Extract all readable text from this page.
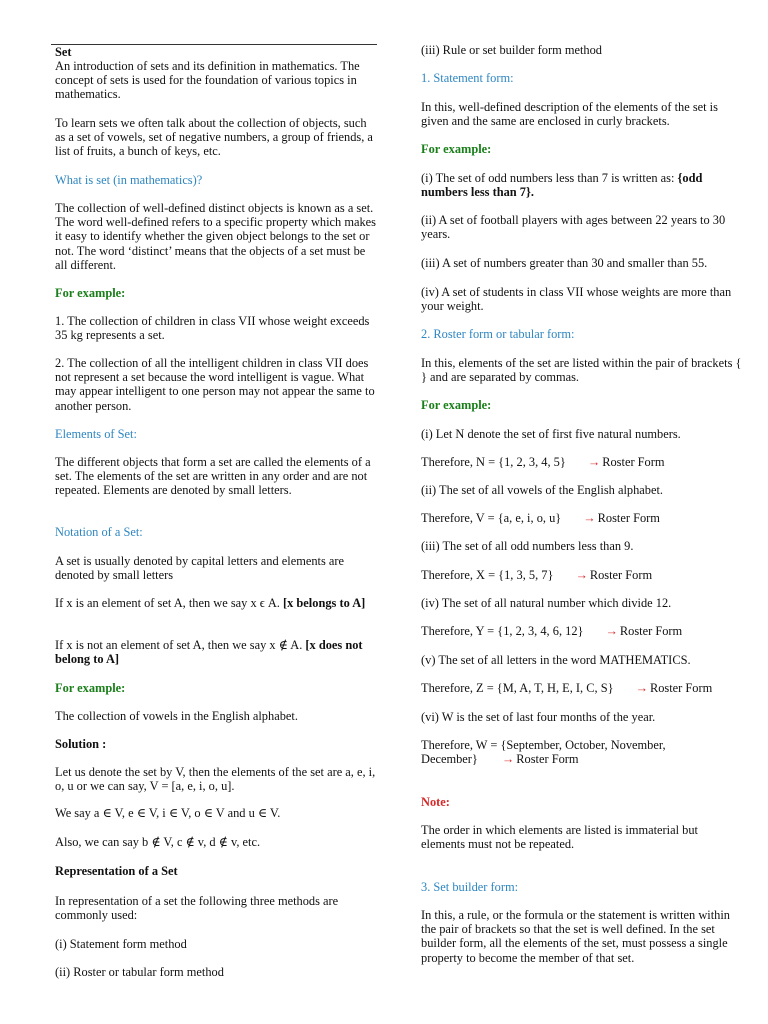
Set

An introduction of sets and its definition in mathematics. The concept of sets is used for the foundation of various topics in mathematics.

To learn sets we often talk about the collection of objects, such as a set of vowels, set of negative numbers, a group of friends, a list of fruits, a bunch of keys, etc.

What is set (in mathematics)?

The collection of well-defined distinct objects is known as a set. The word well-defined refers to a specific property which makes it easy to identify whether the given object belongs to the set or not. The word ‘distinct’ means that the objects of a set must be all different.

For example:

1. The collection of children in class VII whose weight exceeds 35 kg represents a set.

2. The collection of all the intelligent children in class VII does not represent a set because the word intelligent is vague. What may appear intelligent to one person may not appear the same to another person.

Elements of Set:

The different objects that form a set are called the elements of a set. The elements of the set are written in any order and are not repeated. Elements are denoted by small letters.

Notation of a Set:

A set is usually denoted by capital letters and elements are denoted by small letters

If x is an element of set A, then we say x ϵ A. [x belongs to A]

If x is not an element of set A, then we say x ∉ A. [x does not belong to A]

For example:

The collection of vowels in the English alphabet.

Solution :

Let us denote the set by V, then the elements of the set are a, e, i, o, u or we can say, V = [a, e, i, o, u].

We say a ∈ V, e ∈ V, i ∈ V, o ∈ V and u ∈ V.

Also, we can say b ∉ V, c ∉ v, d ∉ v, etc.

Representation of a Set

In representation of a set the following three methods are commonly used:

(i) Statement form method

(ii) Roster or tabular form method

(iii) Rule or set builder form method

1. Statement form:

In this, well-defined description of the elements of the set is given and the same are enclosed in curly brackets.

For example:

(i) The set of odd numbers less than 7 is written as: {odd numbers less than 7}.

(ii) A set of football players with ages between 22 years to 30 years.

(iii) A set of numbers greater than 30 and smaller than 55.

(iv) A set of students in class VII whose weights are more than your weight.

2. Roster form or tabular form:

In this, elements of the set are listed within the pair of brackets { } and are separated by commas.

For example:

(i) Let N denote the set of first five natural numbers.

Therefore, N = {1, 2, 3, 4, 5} → Roster Form

(ii) The set of all vowels of the English alphabet.

Therefore, V = {a, e, i, o, u} → Roster Form

(iii) The set of all odd numbers less than 9.

Therefore, X = {1, 3, 5, 7} → Roster Form

(iv) The set of all natural number which divide 12.

Therefore, Y = {1, 2, 3, 4, 6, 12} → Roster Form

(v) The set of all letters in the word MATHEMATICS.

Therefore, Z = {M, A, T, H, E, I, C, S} → Roster Form

(vi) W is the set of last four months of the year.

Therefore, W = {September, October, November, December} → Roster Form

Note:

The order in which elements are listed is immaterial but elements must not be repeated.

3. Set builder form:

In this, a rule, or the formula or the statement is written within the pair of brackets so that the set is well defined. In the set builder form, all the elements of the set, must possess a single property to become the member of that set.
